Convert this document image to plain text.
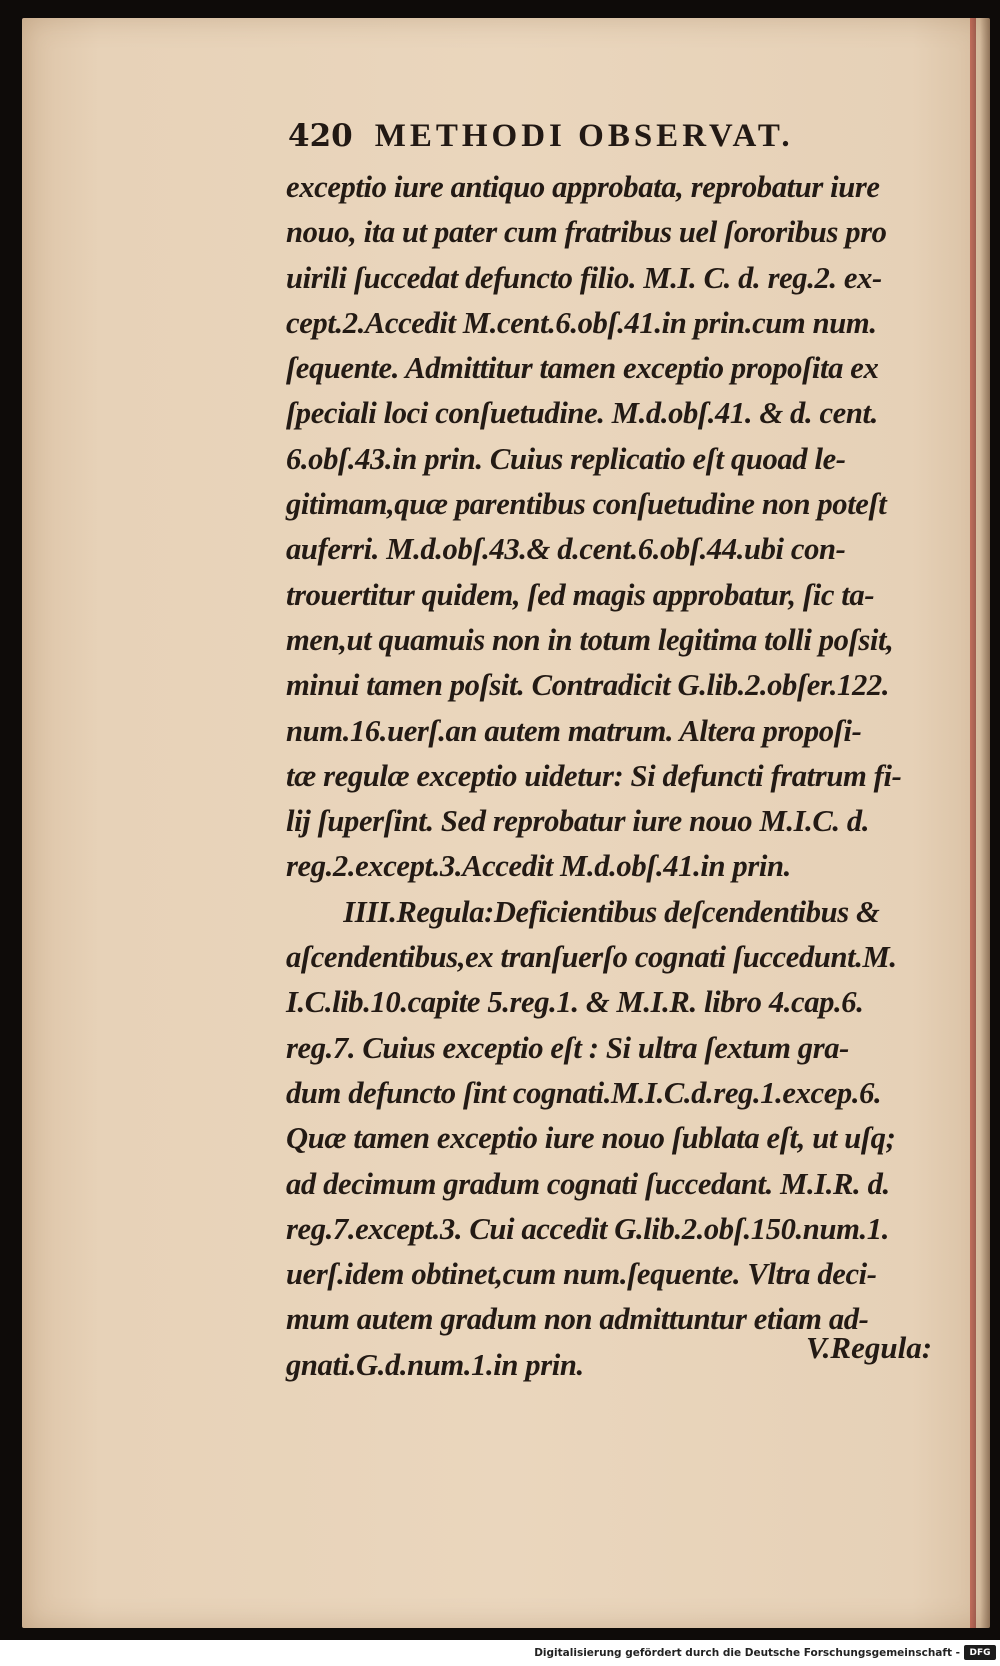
420 METHODI OBSERVAT.
exceptio iure antiquo approbata, reprobatur iure
nouo, ita ut pater cum fratribus uel ſororibus pro
uirili ſuccedat defuncto filio. M.I. C. d. reg.2. ex-
cept.2.Accedit M.cent.6.obſ.41.in prin.cum num.
ſequente. Admittitur tamen exceptio propoſita ex
ſpeciali loci conſuetudine. M.d.obſ.41. & d. cent.
6.obſ.43.in prin. Cuius replicatio eſt quoad le-
gitimam,quæ parentibus conſuetudine non poteſt
auferri. M.d.obſ.43.& d.cent.6.obſ.44.ubi con-
trouertitur quidem, ſed magis approbatur, ſic ta-
men,ut quamuis non in totum legitima tolli poſsit,
minui tamen poſsit. Contradicit G.lib.2.obſer.122.
num.16.uerſ.an autem matrum. Altera propoſi-
tæ regulæ exceptio uidetur: Si defuncti fratrum fi-
lij ſuperſint. Sed reprobatur iure nouo M.I.C. d.
reg.2.except.3.Accedit M.d.obſ.41.in prin.
IIII.Regula:Deficientibus deſcendentibus &
aſcendentibus,ex tranſuerſo cognati ſuccedunt.M.
I.C.lib.10.capite 5.reg.1. & M.I.R. libro 4.cap.6.
reg.7. Cuius exceptio eſt : Si ultra ſextum gra-
dum defuncto ſint cognati.M.I.C.d.reg.1.excep.6.
Quæ tamen exceptio iure nouo ſublata eſt, ut uſq;
ad decimum gradum cognati ſuccedant. M.I.R. d.
reg.7.except.3. Cui accedit G.lib.2.obſ.150.num.1.
uerſ.idem obtinet,cum num.ſequente. Vltra deci-
mum autem gradum non admittuntur etiam ad-
gnati.G.d.num.1.in prin.	V.Regula:
Digitalisierung gefördert durch die Deutsche Forschungsgemeinschaft -	DFG
